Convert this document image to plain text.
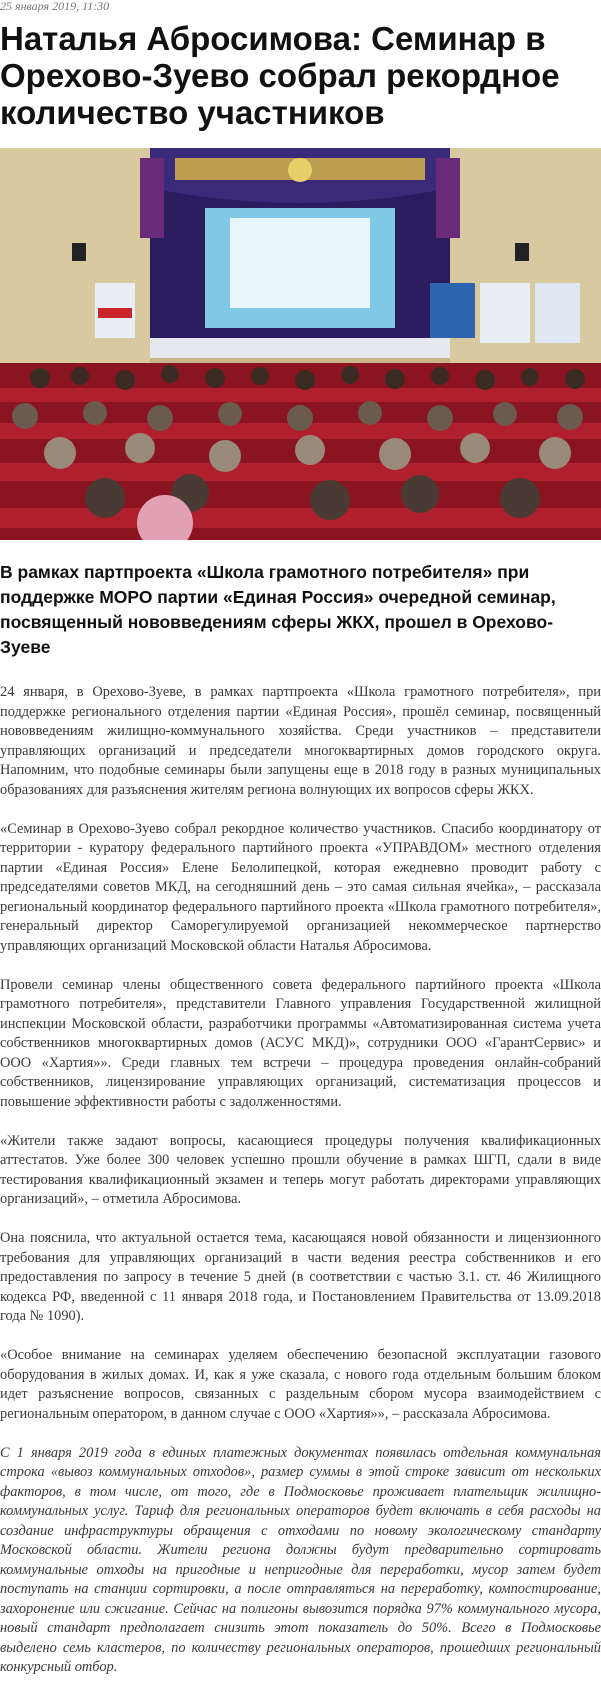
25 января 2019, 11:30
Наталья Абросимова: Семинар в Орехово-Зуево собрал рекордное количество участников
В рамках партпроекта «Школа грамотного потребителя» при поддержке МОРО партии «Единая Россия» очередной семинар, посвященный нововведениям сферы ЖКХ, прошел в Орехово-Зуеве

24 января, в Орехово-Зуеве, в рамках партпроекта «Школа грамотного потребителя», при поддержке регионального отделения партии «Единая Россия», прошёл семинар, посвященный нововведениям жилищно-коммунального хозяйства. Среди участников – представители управляющих организаций и председатели многоквартирных домов городского округа. Напомним, что подобные семинары были запущены еще в 2018 году в разных муниципальных образованиях для разъяснения жителям региона волнующих их вопросов сферы ЖКХ.

«Семинар в Орехово-Зуево собрал рекордное количество участников. Спасибо координатору от территории - куратору федерального партийного проекта «УПРАВДОМ» местного отделения партии «Единая Россия» Елене Белолипецкой, которая ежедневно проводит работу с председателями советов МКД, на сегодняшний день – это самая сильная ячейка», – рассказала региональный координатор федерального партийного проекта «Школа грамотного потребителя», генеральный директор Саморегулируемой организацией некоммерческое партнерство управляющих организаций Московской области Наталья Абросимова.

Провели семинар члены общественного совета федерального партийного проекта «Школа грамотного потребителя», представители Главного управления Государственной жилищной инспекции Московской области, разработчики программы «Автоматизированная система учета собственников многоквартирных домов (АСУС МКД)», сотрудники ООО «ГарантСервис» и ООО «Хартия»». Среди главных тем встречи – процедура проведения онлайн-собраний собственников, лицензирование управляющих организаций, систематизация процессов и повышение эффективности работы с задолженностями.

«Жители также задают вопросы, касающиеся процедуры получения квалификационных аттестатов. Уже более 300 человек успешно прошли обучение в рамках ШГП, сдали в виде тестирования квалификационный экзамен и теперь могут работать директорами управляющих организаций», – отметила Абросимова.

Она пояснила, что актуальной остается тема, касающаяся новой обязанности и лицензионного требования для управляющих организаций в части ведения реестра собственников и его предоставления по запросу в течение 5 дней (в соответствии с частью 3.1. ст. 46 Жилищного кодекса РФ, введенной с 11 января 2018 года, и Постановлением Правительства от 13.09.2018 года № 1090).

«Особое внимание на семинарах уделяем обеспечению безопасной эксплуатации газового оборудования в жилых домах. И, как я уже сказала, с нового года отдельным большим блоком идет разъяснение вопросов, связанных с раздельным сбором мусора взаимодействием с региональным оператором, в данном случае с ООО «Хартия»», – рассказала Абросимова.

С 1 января 2019 года в единых платежных документах появилась отдельная коммунальная строка «вывоз коммунальных отходов», размер суммы в этой строке зависит от нескольких факторов, в том числе, от того, где в Подмосковье проживает плательщик жилищно-коммунальных услуг. Тариф для региональных операторов будет включать в себя расходы на создание инфраструктуры обращения с отходами по новому экологическому стандарту Московской области. Жители региона должны будут предварительно сортировать коммунальные отходы на пригодные и непригодные для переработки, мусор затем будет поступать на станции сортировки, а после отправляться на переработку, компостирование, захоронение или сжигание. Сейчас на полигоны вывозится порядка 97% коммунального мусора, новый стандарт предполагает снизить этот показатель до 50%. Всего в Подмосковье выделено семь кластеров, по количеству региональных операторов, прошедших региональный конкурсный отбор.
